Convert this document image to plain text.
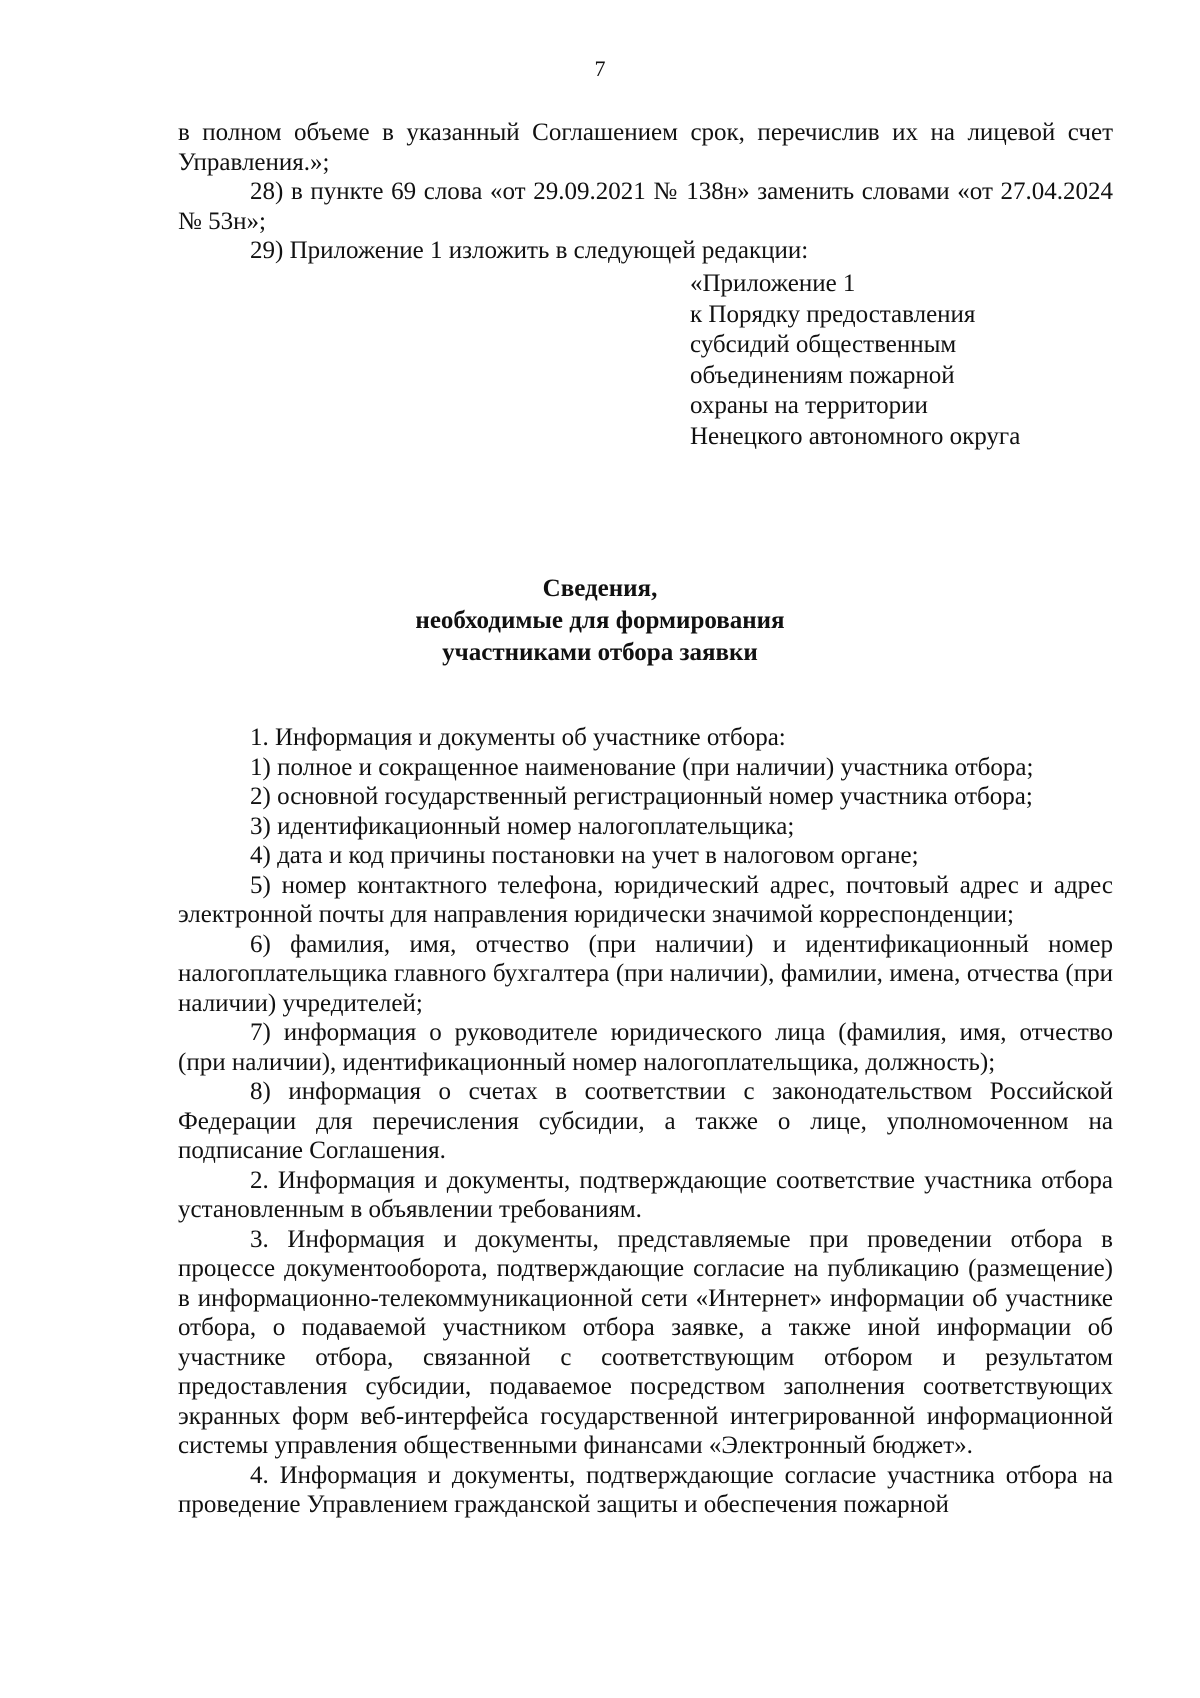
7

в полном объеме в указанный Соглашением срок, перечислив их на лицевой счет Управления.»;

28) в пункте 69 слова «от 29.09.2021 № 138н» заменить словами «от 27.04.2024 № 53н»;

29) Приложение 1 изложить в следующей редакции:

«Приложение 1
к Порядку предоставления
субсидий общественным
объединениям пожарной
охраны на территории
Ненецкого автономного округа
Сведения,
необходимые для формирования
участниками отбора заявки

1. Информация и документы об участнике отбора:

1) полное и сокращенное наименование (при наличии) участника отбора;

2) основной государственный регистрационный номер участника отбора;

3) идентификационный номер налогоплательщика;

4) дата и код причины постановки на учет в налоговом органе;

5) номер контактного телефона, юридический адрес, почтовый адрес и адрес электронной почты для направления юридически значимой корреспонденции;

6) фамилия, имя, отчество (при наличии) и идентификационный номер налогоплательщика главного бухгалтера (при наличии), фамилии, имена, отчества (при наличии) учредителей;

7) информация о руководителе юридического лица (фамилия, имя, отчество (при наличии), идентификационный номер налогоплательщика, должность);

8) информация о счетах в соответствии с законодательством Российской Федерации для перечисления субсидии, а также о лице, уполномоченном на подписание Соглашения.

2. Информация и документы, подтверждающие соответствие участника отбора установленным в объявлении требованиям.

3. Информация и документы, представляемые при проведении отбора в процессе документооборота, подтверждающие согласие на публикацию (размещение) в информационно-телекоммуникационной сети «Интернет» информации об участнике отбора, о подаваемой участником отбора заявке, а также иной информации об участнике отбора, связанной с соответствующим отбором и результатом предоставления субсидии, подаваемое посредством заполнения соответствующих экранных форм веб-интерфейса государственной интегрированной информационной системы управления общественными финансами «Электронный бюджет».

4. Информация и документы, подтверждающие согласие участника отбора на проведение Управлением гражданской защиты и обеспечения пожарной
